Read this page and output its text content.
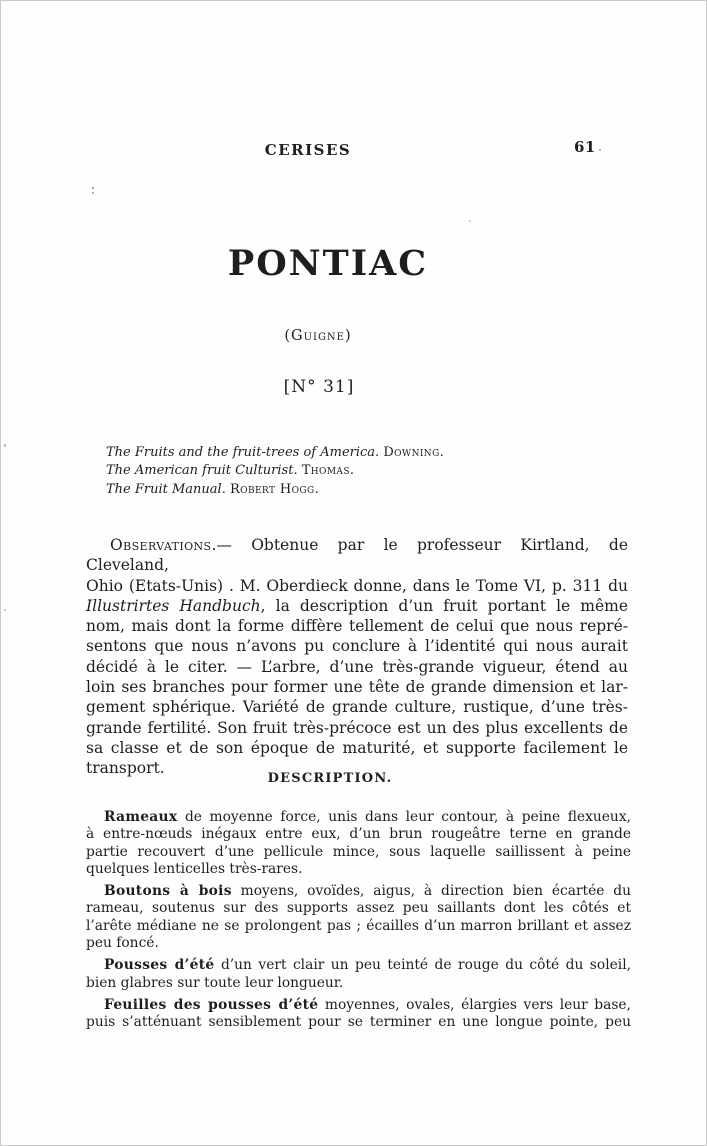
CERISES	61
PONTIAC
(Guigne)
[N° 31]
The Fruits and the fruit-trees of America. Downing.
The American fruit Culturist. Thomas.
The Fruit Manual. Robert Hogg.
Observations.— Obtenue par le professeur Kirtland, de Cleveland,
Ohio (Etats-Unis) . M. Oberdieck donne, dans le Tome VI, p. 311 du
Illustrirtes Handbuch, la description d’un fruit portant le même
nom, mais dont la forme diffère tellement de celui que nous repré-
sentons que nous n’avons pu conclure à l’identité qui nous aurait
décidé à le citer. — L’arbre, d’une très-grande vigueur, étend au
loin ses branches pour former une tête de grande dimension et lar-
gement sphérique. Variété de grande culture, rustique, d’une très-
grande fertilité. Son fruit très-précoce est un des plus excellents de
sa classe et de son époque de maturité, et supporte facilement le
transport.
DESCRIPTION.
Rameaux de moyenne force, unis dans leur contour, à peine flexueux,
à entre-nœuds inégaux entre eux, d’un brun rougeâtre terne en grande
partie recouvert d’une pellicule mince, sous laquelle saillissent à peine
quelques lenticelles très-rares.
Boutons à bois moyens, ovoïdes, aigus, à direction bien écartée du
rameau, soutenus sur des supports assez peu saillants dont les côtés et
l’arête médiane ne se prolongent pas ; écailles d’un marron brillant et assez
peu foncé.
Pousses d’été d’un vert clair un peu teinté de rouge du côté du soleil,
bien glabres sur toute leur longueur.
Feuilles des pousses d’été moyennes, ovales, élargies vers leur base,
puis s’atténuant sensiblement pour se terminer en une longue pointe, peu
